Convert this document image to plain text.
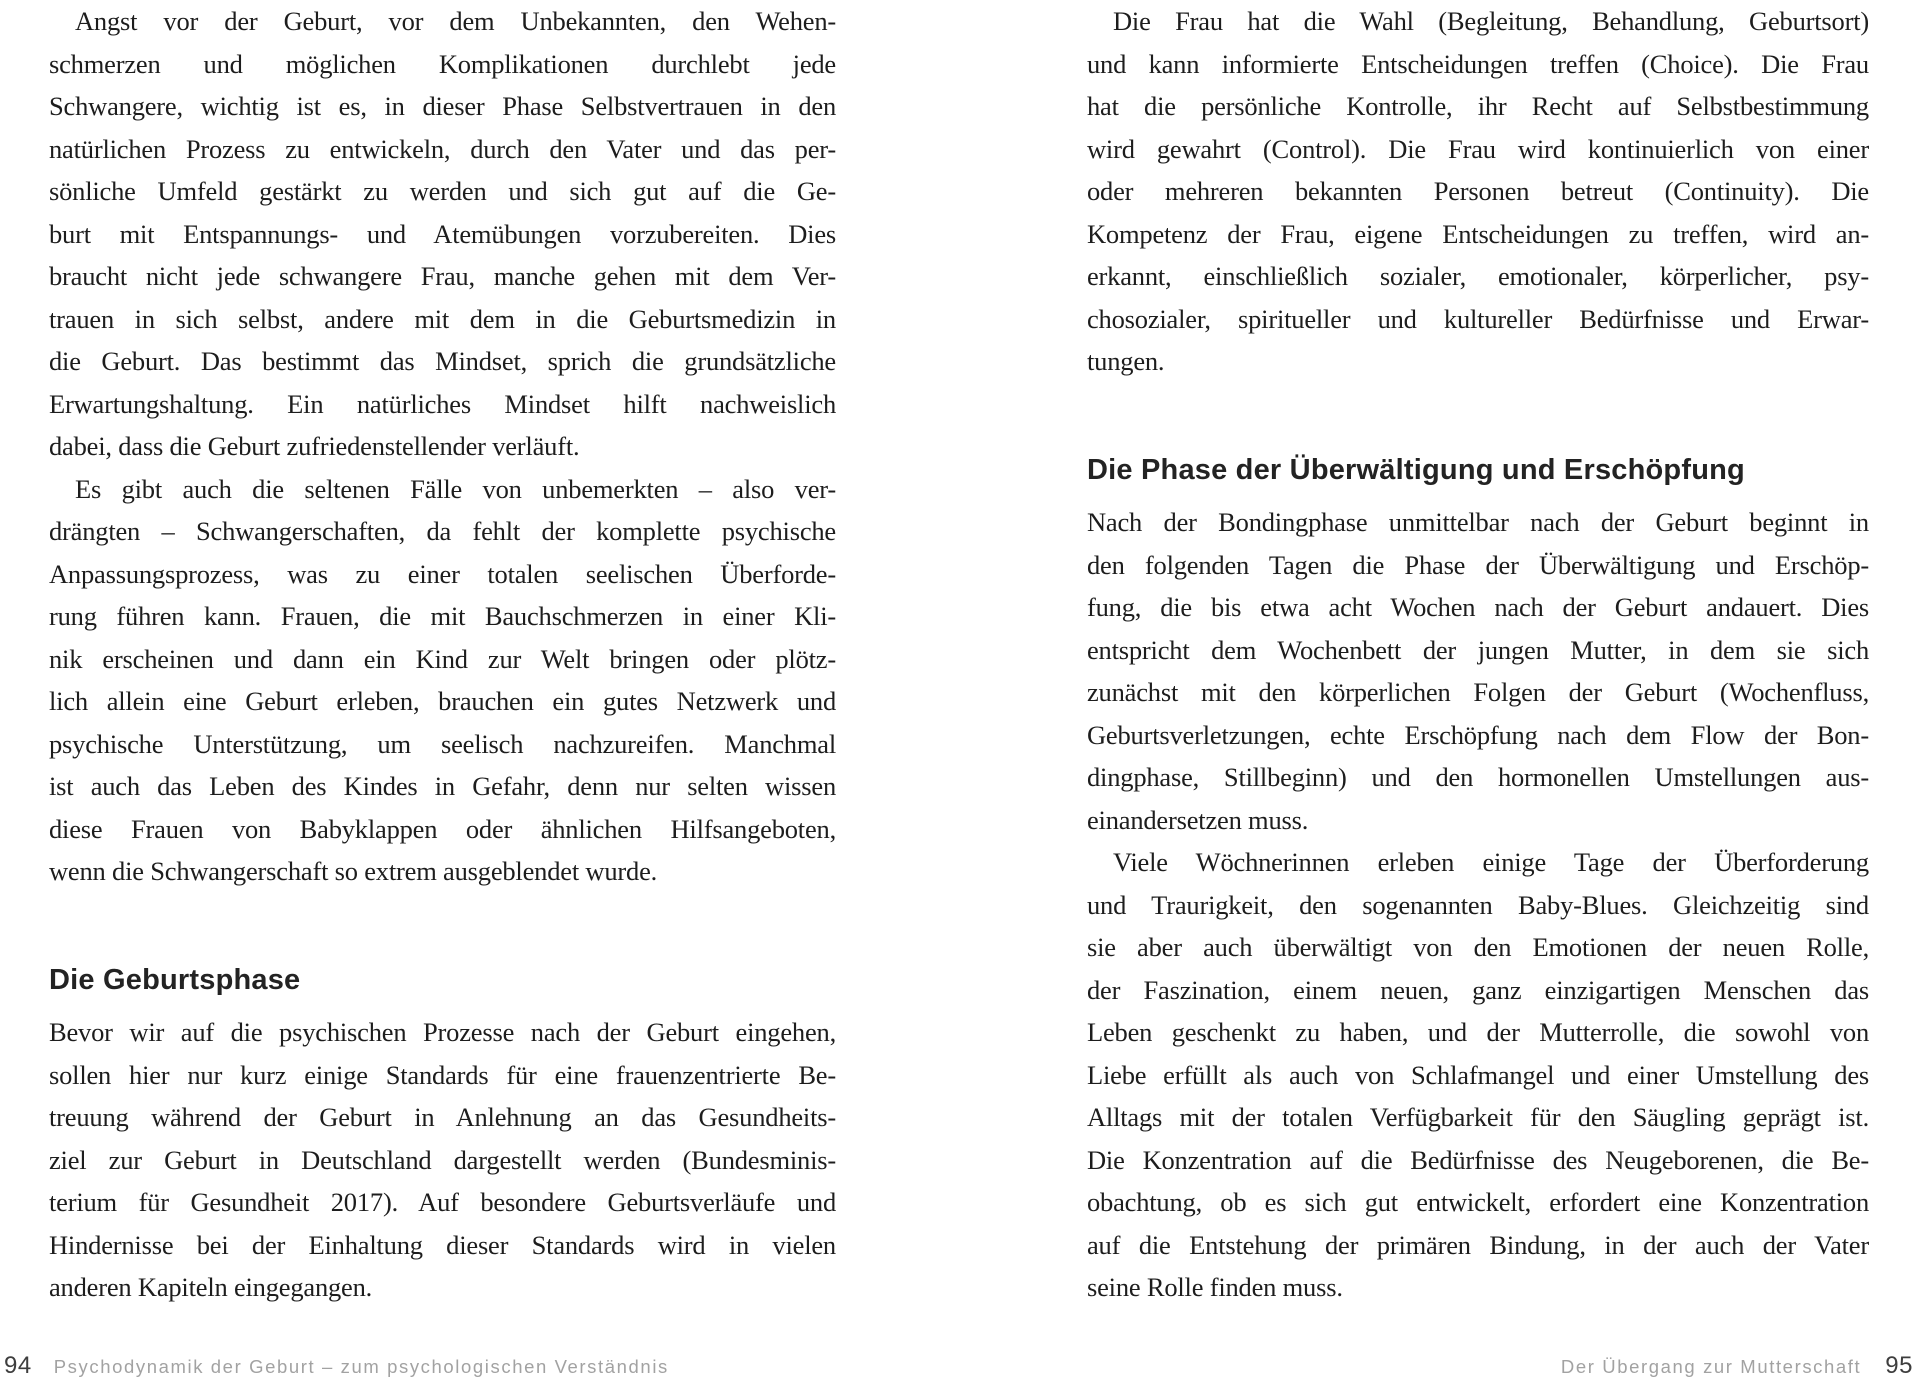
Angst vor der Geburt, vor dem Unbekannten, den Wehen-
schmerzen und möglichen Komplikationen durchlebt jede
Schwangere, wichtig ist es, in dieser Phase Selbstvertrauen in den
natürlichen Prozess zu entwickeln, durch den Vater und das per-
sönliche Umfeld gestärkt zu werden und sich gut auf die Ge-
burt mit Entspannungs- und Atemübungen vorzubereiten. Dies
braucht nicht jede schwangere Frau, manche gehen mit dem Ver-
trauen in sich selbst, andere mit dem in die Geburtsmedizin in
die Geburt. Das bestimmt das Mindset, sprich die grundsätzliche
Erwartungshaltung. Ein natürliches Mindset hilft nachweislich
dabei, dass die Geburt zufriedenstellender verläuft.
Es gibt auch die seltenen Fälle von unbemerkten – also ver-
drängten – Schwangerschaften, da fehlt der komplette psychische
Anpassungsprozess, was zu einer totalen seelischen Überforde-
rung führen kann. Frauen, die mit Bauchschmerzen in einer Kli-
nik erscheinen und dann ein Kind zur Welt bringen oder plötz-
lich allein eine Geburt erleben, brauchen ein gutes Netzwerk und
psychische Unterstützung, um seelisch nachzureifen. Manchmal
ist auch das Leben des Kindes in Gefahr, denn nur selten wissen
diese Frauen von Babyklappen oder ähnlichen Hilfsangeboten,
wenn die Schwangerschaft so extrem ausgeblendet wurde.
Die Geburtsphase
Bevor wir auf die psychischen Prozesse nach der Geburt eingehen,
sollen hier nur kurz einige Standards für eine frauenzentrierte Be-
treuung während der Geburt in Anlehnung an das Gesundheits-
ziel zur Geburt in Deutschland dargestellt werden (Bundesminis-
terium für Gesundheit 2017). Auf besondere Geburtsverläufe und
Hindernisse bei der Einhaltung dieser Standards wird in vielen
anderen Kapiteln eingegangen.
Die Frau hat die Wahl (Begleitung, Behandlung, Geburtsort)
und kann informierte Entscheidungen treffen (Choice). Die Frau
hat die persönliche Kontrolle, ihr Recht auf Selbstbestimmung
wird gewahrt (Control). Die Frau wird kontinuierlich von einer
oder mehreren bekannten Personen betreut (Continuity). Die
Kompetenz der Frau, eigene Entscheidungen zu treffen, wird an-
erkannt, einschließlich sozialer, emotionaler, körperlicher, psy-
chosozialer, spiritueller und kultureller Bedürfnisse und Erwar-
tungen.
Die Phase der Überwältigung und Erschöpfung
Nach der Bondingphase unmittelbar nach der Geburt beginnt in
den folgenden Tagen die Phase der Überwältigung und Erschöp-
fung, die bis etwa acht Wochen nach der Geburt andauert. Dies
entspricht dem Wochenbett der jungen Mutter, in dem sie sich
zunächst mit den körperlichen Folgen der Geburt (Wochenfluss,
Geburtsverletzungen, echte Erschöpfung nach dem Flow der Bon-
dingphase, Stillbeginn) und den hormonellen Umstellungen aus-
einandersetzen muss.
Viele Wöchnerinnen erleben einige Tage der Überforderung
und Traurigkeit, den sogenannten Baby-Blues. Gleichzeitig sind
sie aber auch überwältigt von den Emotionen der neuen Rolle,
der Faszination, einem neuen, ganz einzigartigen Menschen das
Leben geschenkt zu haben, und der Mutterrolle, die sowohl von
Liebe erfüllt als auch von Schlafmangel und einer Umstellung des
Alltags mit der totalen Verfügbarkeit für den Säugling geprägt ist.
Die Konzentration auf die Bedürfnisse des Neugeborenen, die Be-
obachtung, ob es sich gut entwickelt, erfordert eine Konzentration
auf die Entstehung der primären Bindung, in der auch der Vater
seine Rolle finden muss.
94 Psychodynamik der Geburt – zum psychologischen Verständnis	Der Übergang zur Mutterschaft 95
